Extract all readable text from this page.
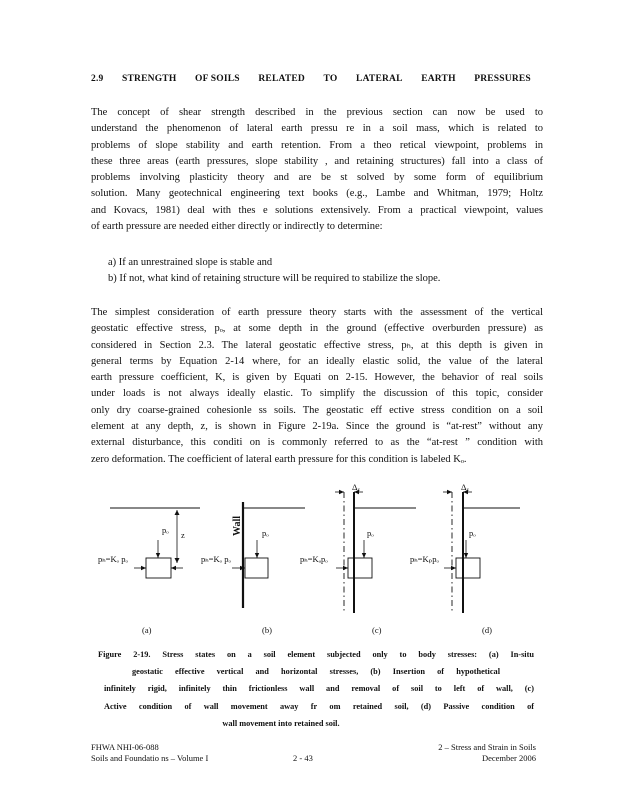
2.9 STRENGTH OF SOILS RELATED TO LATERAL EARTH PRESSURES
The concept of shear strength described in the previous section can now be used to
understand the phenomenon of lateral earth pressu re in a soil mass, which is related to
problems of slope stability and earth retention. From a theo retical viewpoint, problems in
these three areas (earth pressures, slope stability , and retaining structures) fall into a class of
problems involving plasticity theory and are be st solved by some form of equilibrium
solution. Many geotechnical engineering text books (e.g., Lambe and Whitman, 1979; Holtz
and Kovacs, 1981) deal with thes e solutions extensively. From a practical viewpoint, values
of earth pressure are needed either directly or indirectly to determine:
a) If an unrestrained slope is stable and
b) If not, what kind of retaining structure will be required to stabilize the slope.
The simplest consideration of earth pressure theory starts with the assessment of the vertical
geostatic effective stress, pₒ, at some depth in the ground (effective overburden pressure) as
considered in Section 2.3. The lateral geostatic effective stress, pₕ, at this depth is given in
general terms by Equation 2-14 where, for an ideally elastic solid, the value of the lateral
earth pressure coefficient, K, is given by Equati on 2-15. However, the behavior of real soils
under loads is not always ideally elastic. To simplify the discussion of this topic, consider
only dry coarse-grained cohesionle ss soils. The geostatic eff ective stress condition on a soil
element at any depth, z, is shown in Figure 2-19a. Since the ground is “at-rest” without any
external disturbance, this conditi on is commonly referred to as the “at-rest ” condition with
zero deformation. The coefficient of lateral earth pressure for this condition is labeled Kₒ.
z
pₒ
pₕ=Kₒ pₒ
(a)
Wall pₒ
pₕ=Kₒ pₒ
(b)
Δₓ
pₒ
pₕ=Kₐpₒ
(c)
Δₓ
pₒ
pₕ=Kₚpₒ
(d)
Figure 2-19. Stress states on a soil element subjected only to body stresses: (a) In-situ
geostatic effective vertical and horizontal stresses, (b) Insertion of hypothetical
infinitely rigid, infinitely thin frictionless wall and removal of soil to left of wall, (c)
Active condition of wall movement away fr om retained soil, (d) Passive condition of
wall movement into retained soil.
FHWA NHI-06-088
Soils and Foundatio ns – Volume I	2 - 43
2 – Stress and Strain in Soils
December 2006
